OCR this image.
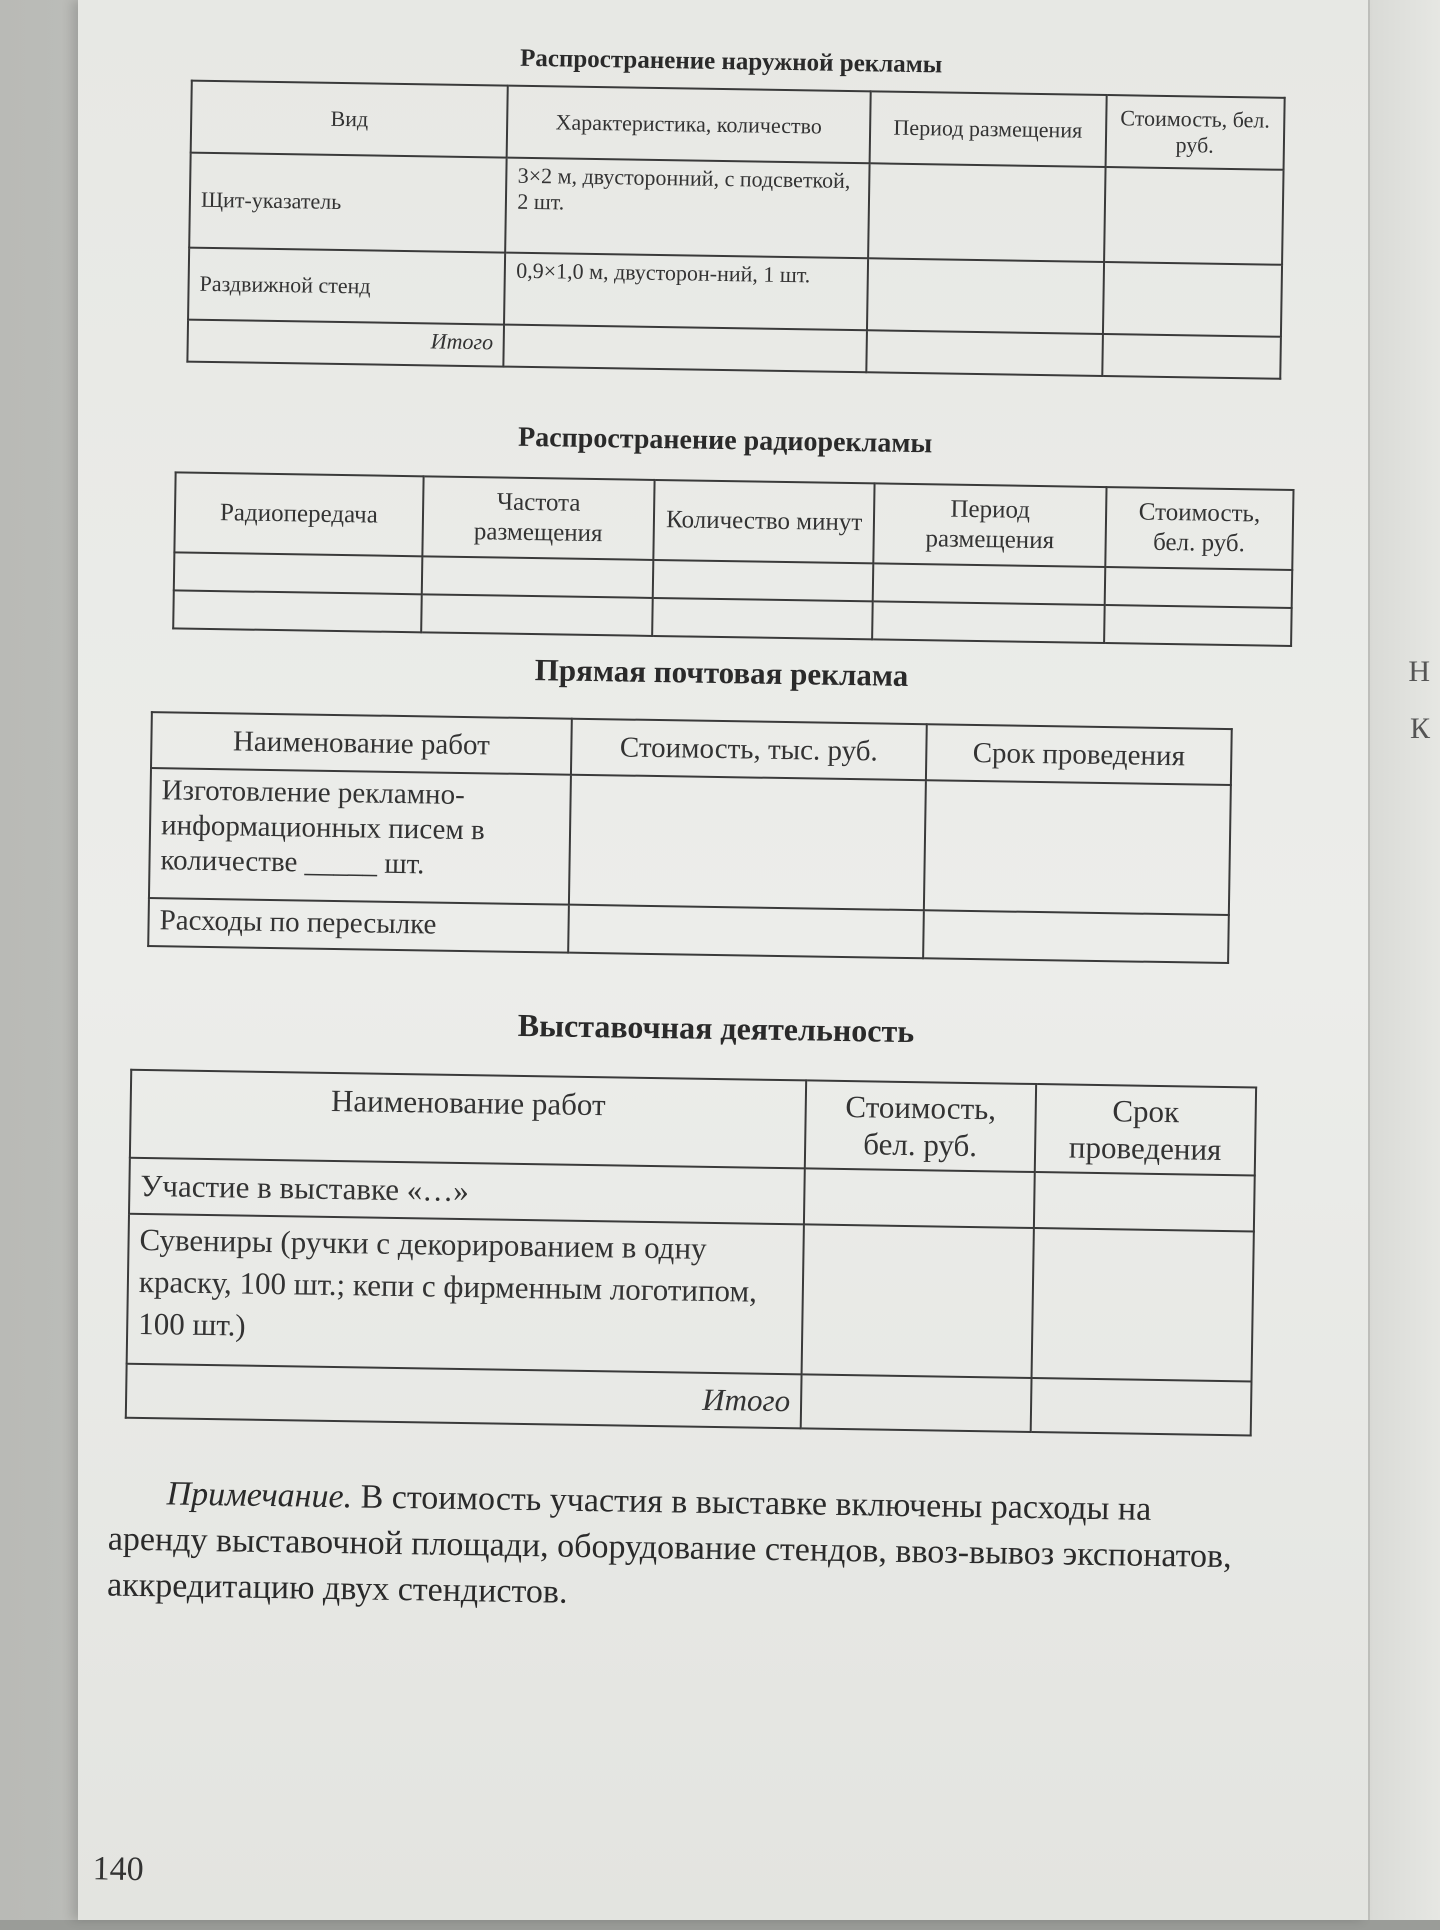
Н
К
Распространение наружной рекламы
Вид	Характеристика, количество	Период размещения	Стоимость, бел. руб.
Щит-указатель	3×2 м, двусторонний, с подсветкой, 2 шт.		
Раздвижной стенд	0,9×1,0 м, двусторон-ний, 1 шт.		
Итого			
Распространение радиорекламы
Радиопередача	Частота размещения	Количество минут	Период размещения	Стоимость, бел. руб.

Прямая почтовая реклама
Наименование работ	Стоимость, тыс. руб.	Срок проведения
Изготовление рекламно-информационных писем в количестве _____ шт.		
Расходы по пересылке		
Выставочная деятельность
Наименование работ	Стоимость, бел. руб.	Срок проведения
Участие в выставке «…»		
Сувениры (ручки с декорированием в одну краску, 100 шт.; кепи с фирменным логотипом, 100 шт.)		
Итого		

Примечание. В стоимость участия в выставке включены расходы на аренду выставочной площади, оборудование стендов, ввоз-вывоз экспонатов, аккредитацию двух стендистов.

140
